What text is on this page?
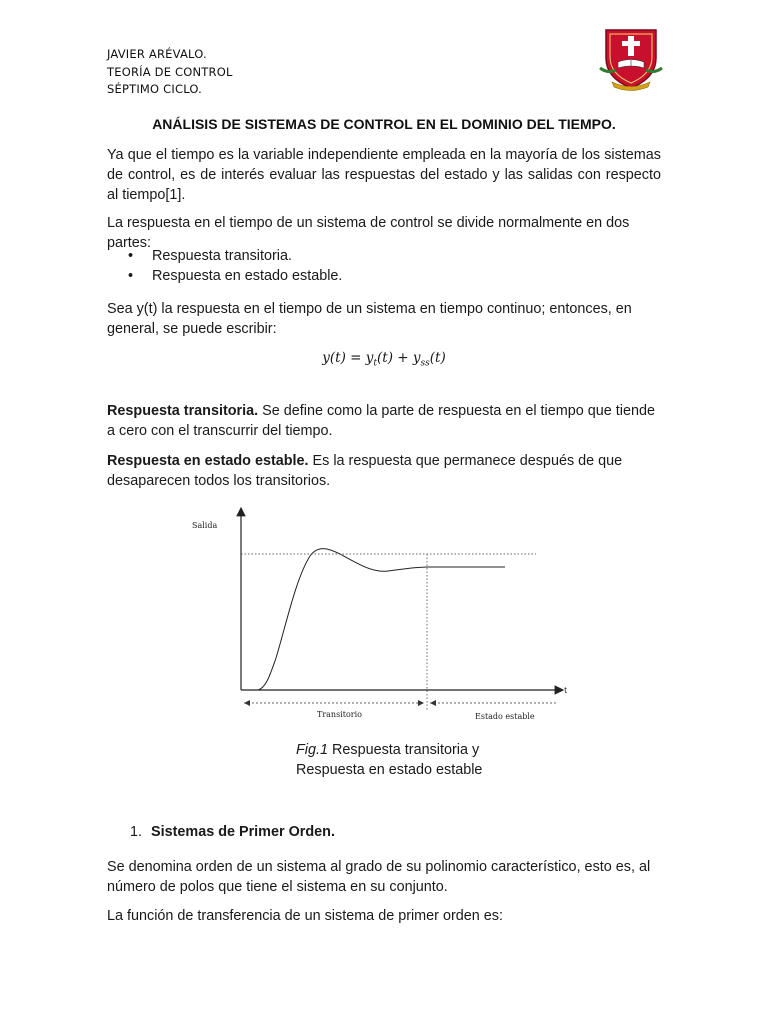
JAVIER ARÉVALO.
TEORÍA DE CONTROL
SÉPTIMO CICLO.
ANÁLISIS DE SISTEMAS DE CONTROL EN EL DOMINIO DEL TIEMPO.

Ya que el tiempo es la variable independiente empleada en la mayoría de los sistemas de control, es de interés evaluar las respuestas del estado y las salidas con respecto al tiempo[1].

La respuesta en el tiempo de un sistema de control se divide normalmente en dos partes:

• Respuesta transitoria.
• Respuesta en estado estable.

Sea y(t) la respuesta en el tiempo de un sistema en tiempo continuo; entonces, en general, se puede escribir:

$y(t) = y_t(t) + y_{ss}(t)$

Respuesta transitoria. Se define como la parte de respuesta en el tiempo que tiende a cero con el transcurrir del tiempo.

Respuesta en estado estable. Es la respuesta que permanece después de que desaparecen todos los transitorios.

Salida
t
Transitorio	Estado estable
Fig.1 Respuesta transitoria y
Respuesta en estado estable
1. Sistemas de Primer Orden.

Se denomina orden de un sistema al grado de su polinomio característico, esto es, al número de polos que tiene el sistema en su conjunto.

La función de transferencia de un sistema de primer orden es:
